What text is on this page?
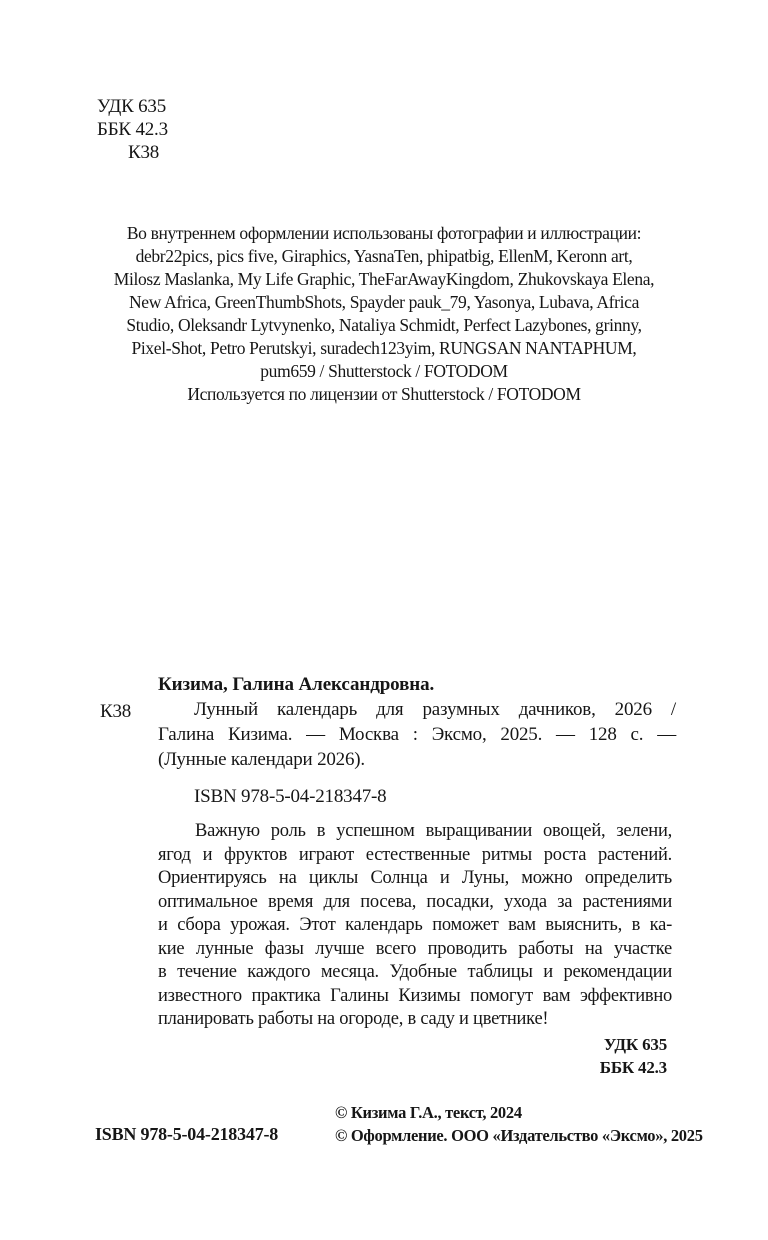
УДК 635
ББК 42.3
К38
Во внутреннем оформлении использованы фотографии и иллюстрации:
debr22pics, pics five, Giraphics, YasnaTen, phipatbig, EllenM, Keronn art,
Milosz Maslanka, My Life Graphic, TheFarAwayKingdom, Zhukovskaya Elena,
New Africa, GreenThumbShots, Spayder pauk_79, Yasonya, Lubava, Africa
Studio, Oleksandr Lytvynenko, Nataliya Schmidt, Perfect Lazybones, grinny,
Pixel-Shot, Petro Perutskyi, suradech123yim, RUNGSAN NANTAPHUM,
pum659 / Shutterstock / FOTODOM
Используется по лицензии от Shutterstock / FOTODOM
К38
Кизима, Галина Александровна.
Лунный календарь для разумных дачников, 2026 /
Галина Кизима. — Москва : Эксмо, 2025. — 128 с. —
(Лунные календари 2026).
ISBN 978-5-04-218347-8
Важную роль в успешном выращивании овощей, зелени,
ягод и фруктов играют естественные ритмы роста растений.
Ориентируясь на циклы Солнца и Луны, можно определить
оптимальное время для посева, посадки, ухода за растениями
и сбора урожая. Этот календарь поможет вам выяснить, в ка-
кие лунные фазы лучше всего проводить работы на участке
в течение каждого месяца. Удобные таблицы и рекомендации
известного практика Галины Кизимы помогут вам эффективно
планировать работы на огороде, в саду и цветнике!
УДК 635
ББК 42.3
ISBN 978-5-04-218347-8
© Кизима Г.А., текст, 2024
© Оформление. ООО «Издательство «Эксмо», 2025
